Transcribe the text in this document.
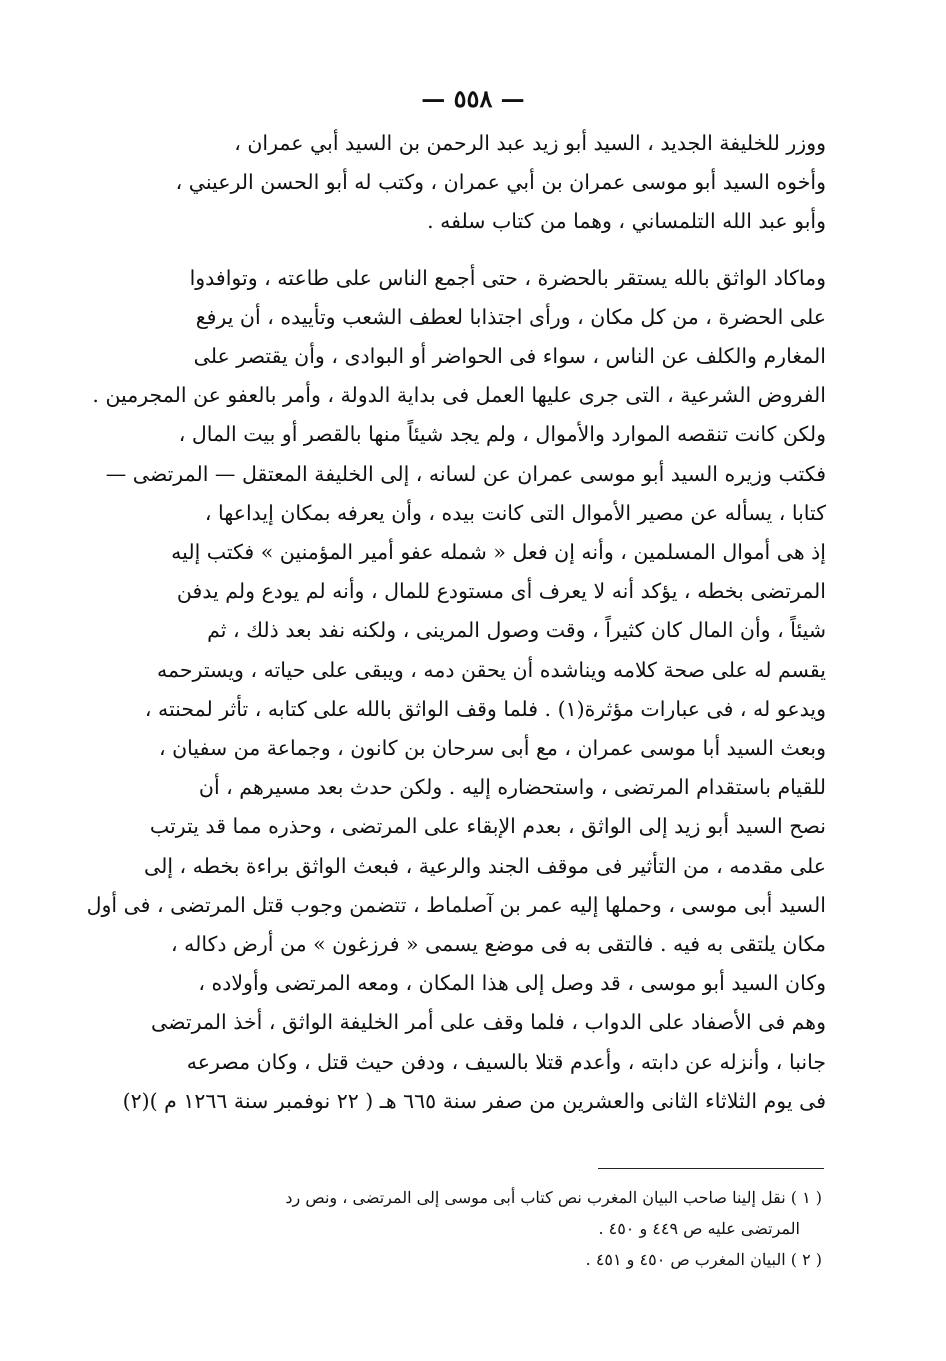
— ٥٥٨ —
ووزر للخليفة الجديد ، السيد أبو زيد عبد الرحمن بن السيد أبي عمران ،
وأخوه السيد أبو موسى عمران بن أبي عمران ، وكتب له أبو الحسن الرعيني ،
وأبو عبد الله التلمساني ، وهما من كتاب سلفه .
وماكاد الواثق بالله يستقر بالحضرة ، حتى أجمع الناس على طاعته ، وتوافدوا
على الحضرة ، من كل مكان ، ورأى اجتذابا لعطف الشعب وتأييده ، أن يرفع
المغارم والكلف عن الناس ، سواء فى الحواضر أو البوادى ، وأن يقتصر على
الفروض الشرعية ، التى جرى عليها العمل فى بداية الدولة ، وأمر بالعفو عن المجرمين .
ولكن كانت تنقصه الموارد والأموال ، ولم يجد شيئاً منها بالقصر أو بيت المال ،
فكتب وزيره السيد أبو موسى عمران عن لسانه ، إلى الخليفة المعتقل — المرتضى —
كتابا ، يسأله عن مصير الأموال التى كانت بيده ، وأن يعرفه بمكان إيداعها ،
إذ هى أموال المسلمين ، وأنه إن فعل « شمله عفو أمير المؤمنين » فكتب إليه
المرتضى بخطه ، يؤكد أنه لا يعرف أى مستودع للمال ، وأنه لم يودع ولم يدفن
شيئاً ، وأن المال كان كثيراً ، وقت وصول المرينى ، ولكنه نفد بعد ذلك ، ثم
يقسم له على صحة كلامه ويناشده أن يحقن دمه ، ويبقى على حياته ، ويسترحمه
ويدعو له ، فى عبارات مؤثرة(١) . فلما وقف الواثق بالله على كتابه ، تأثر لمحنته ،
وبعث السيد أبا موسى عمران ، مع أبى سرحان بن كانون ، وجماعة من سفيان ،
للقيام باستقدام المرتضى ، واستحضاره إليه . ولكن حدث بعد مسيرهم ، أن
نصح السيد أبو زيد إلى الواثق ، بعدم الإبقاء على المرتضى ، وحذره مما قد يترتب
على مقدمه ، من التأثير فى موقف الجند والرعية ، فبعث الواثق براءة بخطه ، إلى
السيد أبى موسى ، وحملها إليه عمر بن آصلماط ، تتضمن وجوب قتل المرتضى ، فى أول
مكان يلتقى به فيه . فالتقى به فى موضع يسمى « فرزغون » من أرض دكاله ،
وكان السيد أبو موسى ، قد وصل إلى هذا المكان ، ومعه المرتضى وأولاده ،
وهم فى الأصفاد على الدواب ، فلما وقف على أمر الخليفة الواثق ، أخذ المرتضى
جانبا ، وأنزله عن دابته ، وأعدم قتلا بالسيف ، ودفن حيث قتل ، وكان مصرعه
فى يوم الثلاثاء الثانى والعشرين من صفر سنة ٦٦٥ هـ ( ٢٢ نوفمبر سنة ١٢٦٦ م )(٢)
( ١ ) نقل إلينا صاحب البيان المغرب نص كتاب أبى موسى إلى المرتضى ، ونص رد
المرتضى عليه ص ٤٤٩ و ٤٥٠ .
( ٢ ) البيان المغرب ص ٤٥٠ و ٤٥١ .
